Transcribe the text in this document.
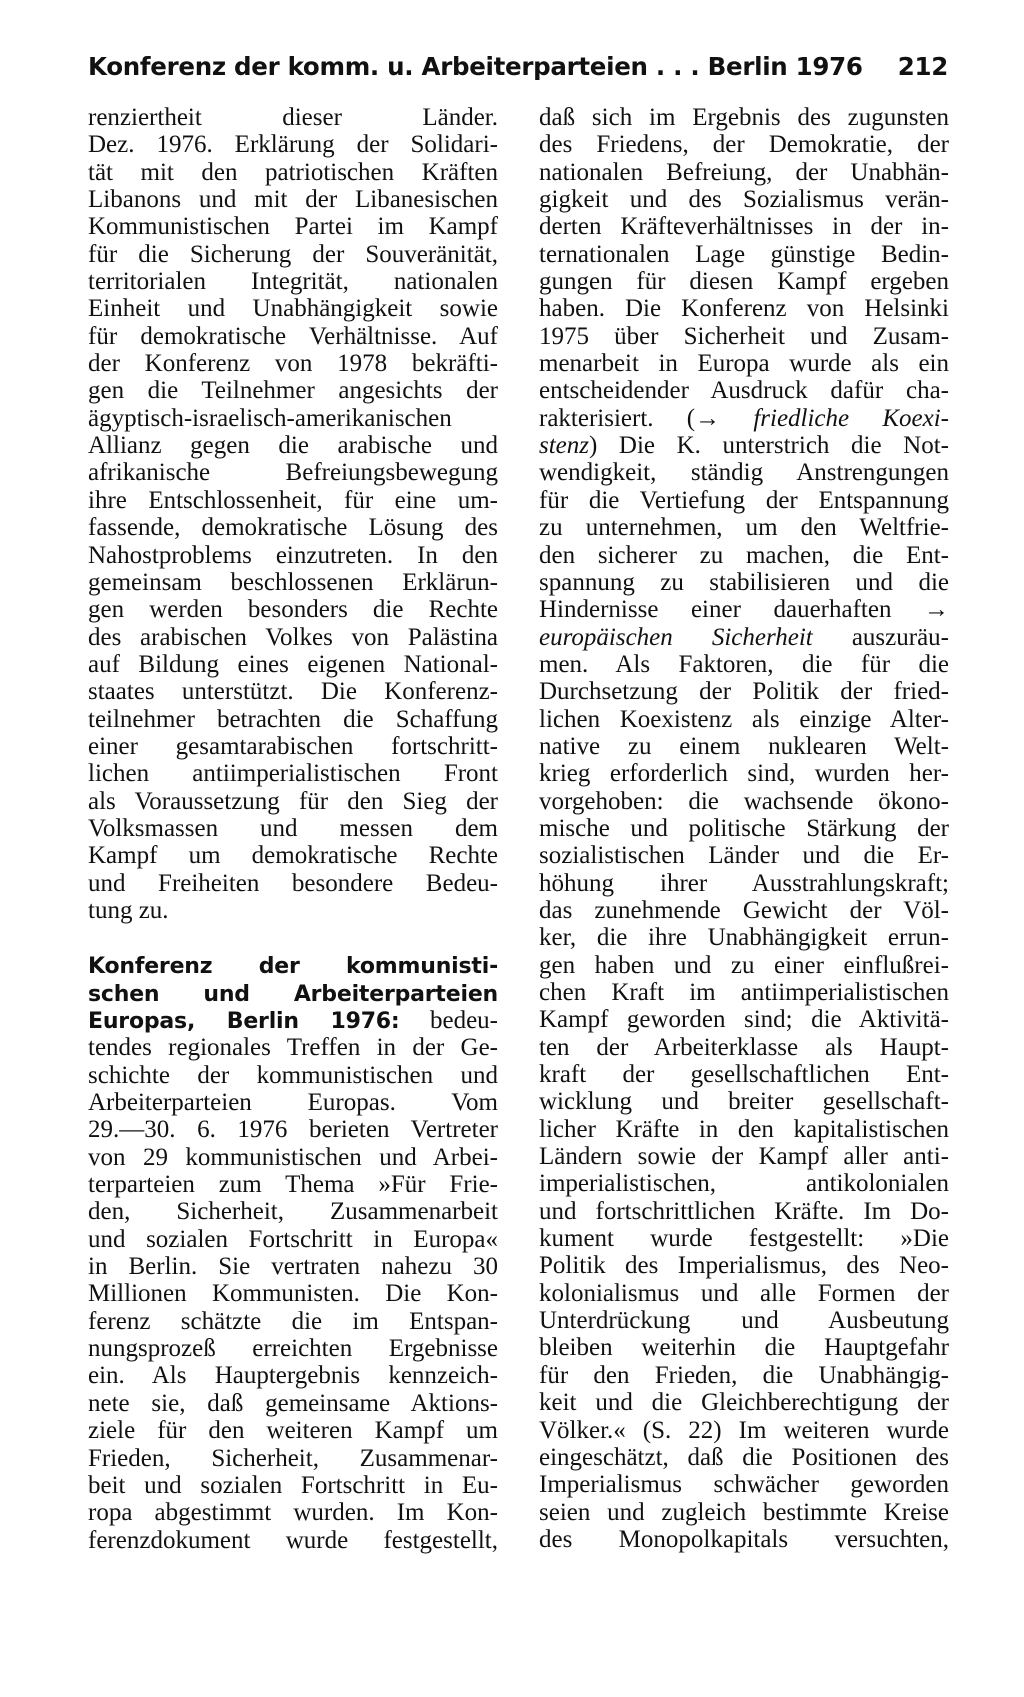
Konferenz der komm. u. Arbeiterparteien . . . Berlin 1976 212
renziertheit dieser Länder.
Dez. 1976. Erklärung der Solidari-
tät mit den patriotischen Kräften
Libanons und mit der Libanesischen
Kommunistischen Partei im Kampf
für die Sicherung der Souveränität,
territorialen Integrität, nationalen
Einheit und Unabhängigkeit sowie
für demokratische Verhältnisse. Auf
der Konferenz von 1978 bekräfti-
gen die Teilnehmer angesichts der
ägyptisch-israelisch-amerikanischen
Allianz gegen die arabische und
afrikanische Befreiungsbewegung
ihre Entschlossenheit, für eine um-
fassende, demokratische Lösung des
Nahostproblems einzutreten. In den
gemeinsam beschlossenen Erklärun-
gen werden besonders die Rechte
des arabischen Volkes von Palästina
auf Bildung eines eigenen National-
staates unterstützt. Die Konferenz-
teilnehmer betrachten die Schaffung
einer gesamtarabischen fortschritt-
lichen antiimperialistischen Front
als Voraussetzung für den Sieg der
Volksmassen und messen dem
Kampf um demokratische Rechte
und Freiheiten besondere Bedeu-
tung zu.
Konferenz der kommunisti-
schen und Arbeiterparteien
Europas, Berlin 1976: bedeu-
tendes regionales Treffen in der Ge-
schichte der kommunistischen und
Arbeiterparteien Europas. Vom
29.—30. 6. 1976 berieten Vertreter
von 29 kommunistischen und Arbei-
terparteien zum Thema »Für Frie-
den, Sicherheit, Zusammenarbeit
und sozialen Fortschritt in Europa«
in Berlin. Sie vertraten nahezu 30
Millionen Kommunisten. Die Kon-
ferenz schätzte die im Entspan-
nungsprozeß erreichten Ergebnisse
ein. Als Hauptergebnis kennzeich-
nete sie, daß gemeinsame Aktions-
ziele für den weiteren Kampf um
Frieden, Sicherheit, Zusammenar-
beit und sozialen Fortschritt in Eu-
ropa abgestimmt wurden. Im Kon-
ferenzdokument wurde festgestellt,
daß sich im Ergebnis des zugunsten
des Friedens, der Demokratie, der
nationalen Befreiung, der Unabhän-
gigkeit und des Sozialismus verän-
derten Kräfteverhältnisses in der in-
ternationalen Lage günstige Bedin-
gungen für diesen Kampf ergeben
haben. Die Konferenz von Helsinki
1975 über Sicherheit und Zusam-
menarbeit in Europa wurde als ein
entscheidender Ausdruck dafür cha-
rakterisiert. (→ friedliche Koexi-
stenz) Die K. unterstrich die Not-
wendigkeit, ständig Anstrengungen
für die Vertiefung der Entspannung
zu unternehmen, um den Weltfrie-
den sicherer zu machen, die Ent-
spannung zu stabilisieren und die
Hindernisse einer dauerhaften →
europäischen Sicherheit auszuräu-
men. Als Faktoren, die für die
Durchsetzung der Politik der fried-
lichen Koexistenz als einzige Alter-
native zu einem nuklearen Welt-
krieg erforderlich sind, wurden her-
vorgehoben: die wachsende ökono-
mische und politische Stärkung der
sozialistischen Länder und die Er-
höhung ihrer Ausstrahlungskraft;
das zunehmende Gewicht der Völ-
ker, die ihre Unabhängigkeit errun-
gen haben und zu einer einflußrei-
chen Kraft im antiimperialistischen
Kampf geworden sind; die Aktivitä-
ten der Arbeiterklasse als Haupt-
kraft der gesellschaftlichen Ent-
wicklung und breiter gesellschaft-
licher Kräfte in den kapitalistischen
Ländern sowie der Kampf aller anti-
imperialistischen, antikolonialen
und fortschrittlichen Kräfte. Im Do-
kument wurde festgestellt: »Die
Politik des Imperialismus, des Neo-
kolonialismus und alle Formen der
Unterdrückung und Ausbeutung
bleiben weiterhin die Hauptgefahr
für den Frieden, die Unabhängig-
keit und die Gleichberechtigung der
Völker.« (S. 22) Im weiteren wurde
eingeschätzt, daß die Positionen des
Imperialismus schwächer geworden
seien und zugleich bestimmte Kreise
des Monopolkapitals versuchten,
